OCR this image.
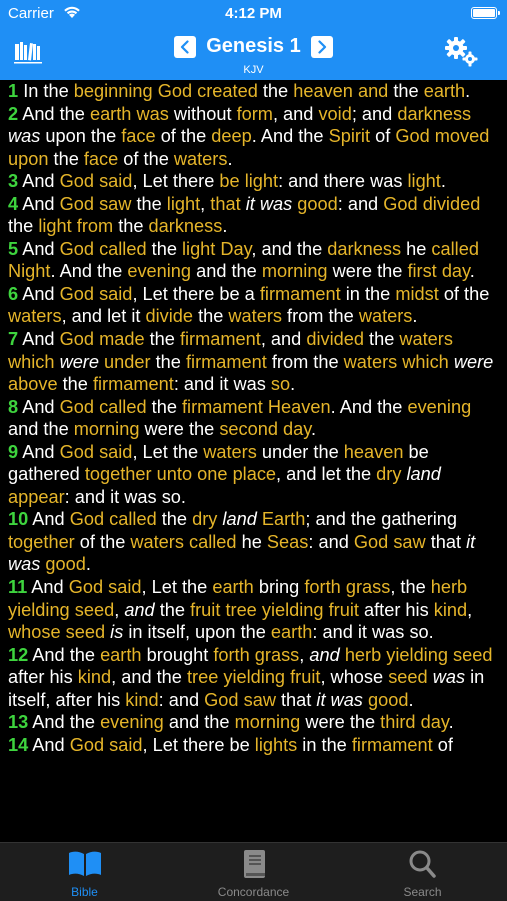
Carrier	4:12 PM
Genesis 1
KJV
1 In the beginning God created the heaven and the earth.
2 And the earth was without form, and void; and darkness was upon the face of the deep. And the Spirit of God moved upon the face of the waters.
3 And God said, Let there be light: and there was light.
4 And God saw the light, that it was good: and God divided the light from the darkness.
5 And God called the light Day, and the darkness he called Night. And the evening and the morning were the first day.
6 And God said, Let there be a firmament in the midst of the waters, and let it divide the waters from the waters.
7 And God made the firmament, and divided the waters which were under the firmament from the waters which were above the firmament: and it was so.
8 And God called the firmament Heaven. And the evening and the morning were the second day.
9 And God said, Let the waters under the heaven be gathered together unto one place, and let the dry land appear: and it was so.
10 And God called the dry land Earth; and the gathering together of the waters called he Seas: and God saw that it was good.
11 And God said, Let the earth bring forth grass, the herb yielding seed, and the fruit tree yielding fruit after his kind, whose seed is in itself, upon the earth: and it was so.
12 And the earth brought forth grass, and herb yielding seed after his kind, and the tree yielding fruit, whose seed was in itself, after his kind: and God saw that it was good.
13 And the evening and the morning were the third day.
14 And God said, Let there be lights in the firmament of
Bible	Concordance	Search
